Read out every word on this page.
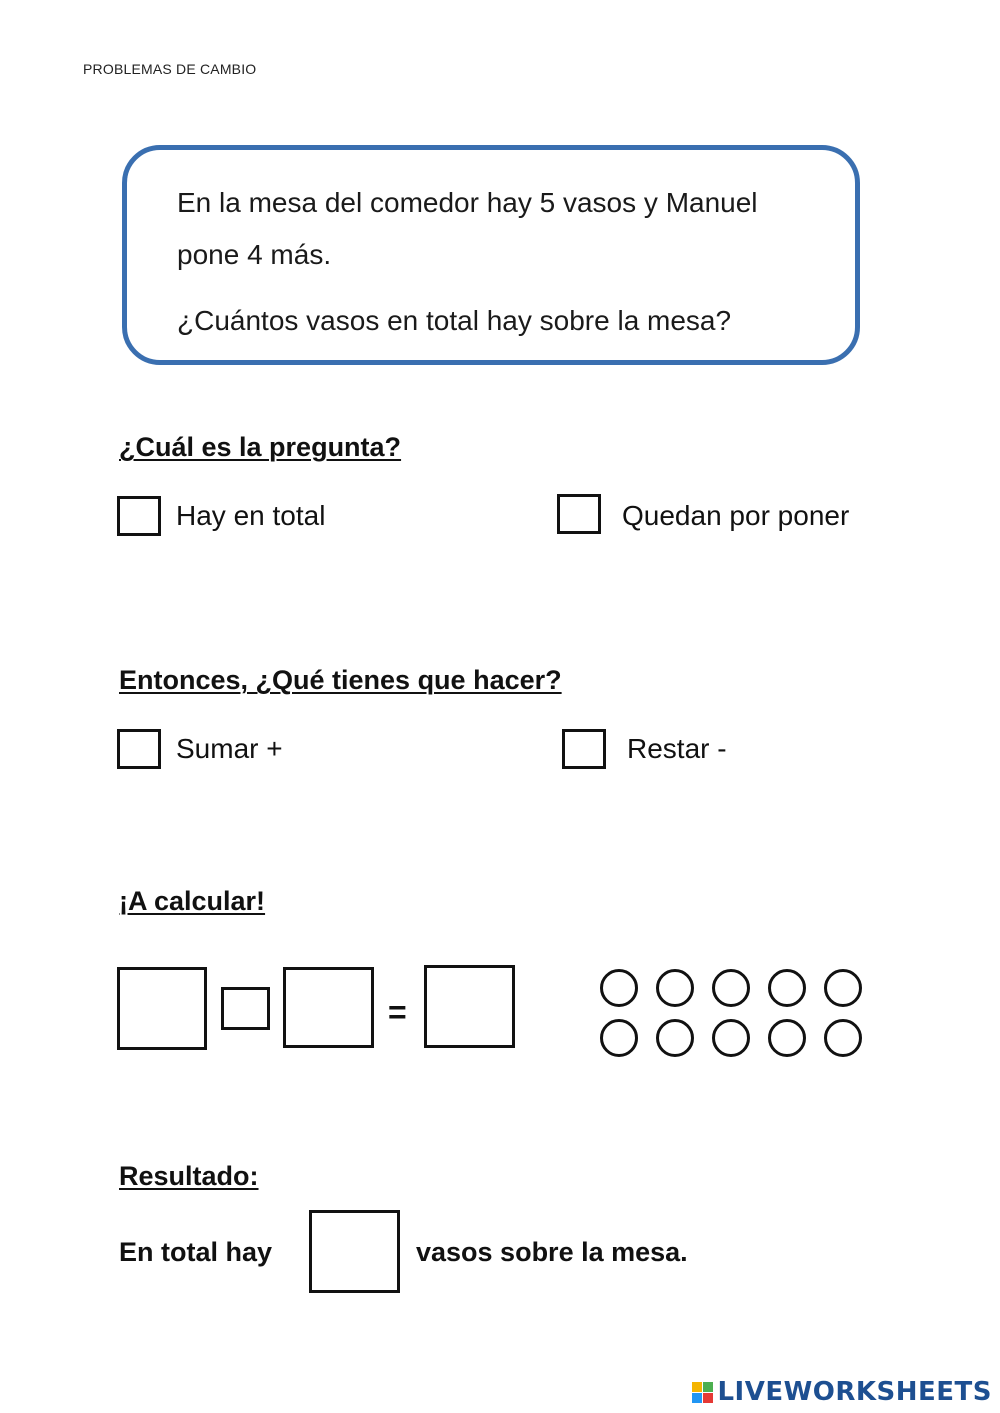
PROBLEMAS DE CAMBIO
En la mesa del comedor hay 5 vasos y Manuel
pone 4 más.
¿Cuántos vasos en total hay sobre la mesa?
¿Cuál es la pregunta?
Hay en total	Quedan por poner
Entonces, ¿Qué tienes que hacer?
Sumar +	Restar -
¡A calcular!
=
Resultado:
En total hay	vasos sobre la mesa.
LIVEWORKSHEETS
